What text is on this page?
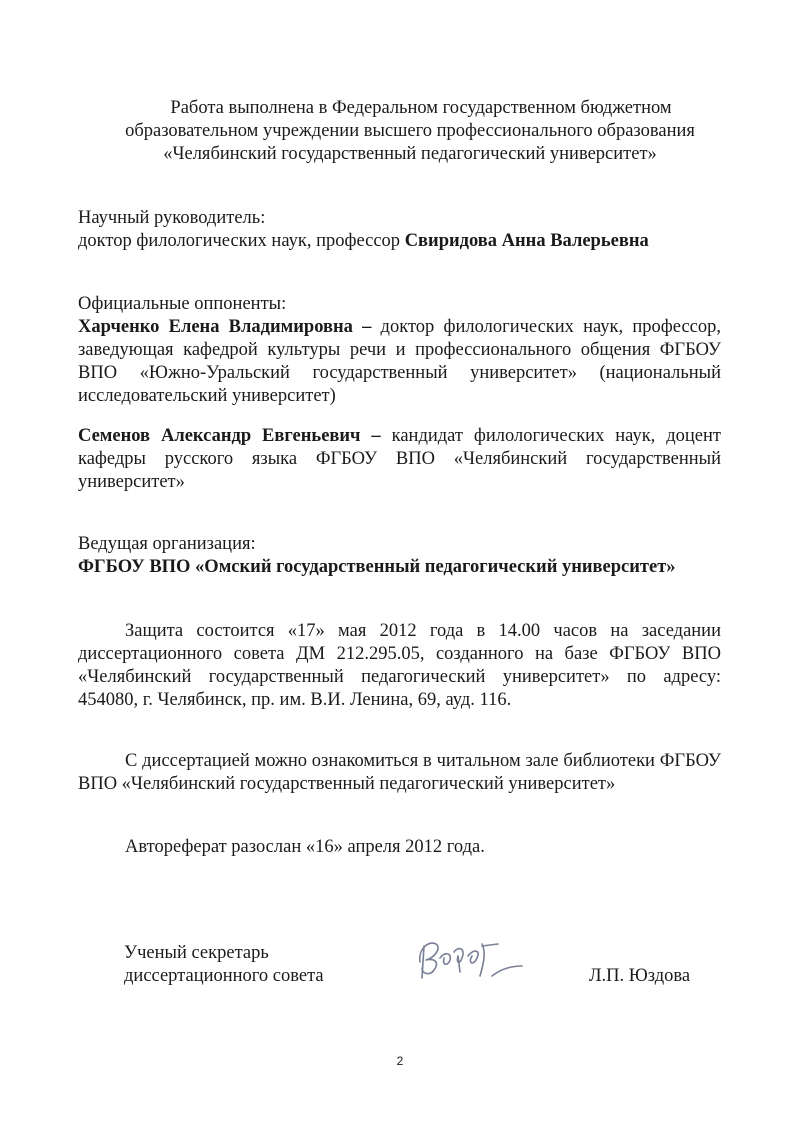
Работа выполнена в Федеральном государственном бюджетном
образовательном учреждении высшего профессионального образования
«Челябинский государственный педагогический университет»
Научный руководитель:
доктор филологических наук, профессор Свиридова Анна Валерьевна
Официальные оппоненты:
Харченко Елена Владимировна – доктор филологических наук, профессор, заведующая кафедрой культуры речи и профессионального общения ФГБОУ ВПО «Южно-Уральский государственный университет» (национальный исследовательский университет)
Семенов Александр Евгеньевич – кандидат филологических наук, доцент кафедры русского языка ФГБОУ ВПО «Челябинский государственный университет»
Ведущая организация:
ФГБОУ ВПО «Омский государственный педагогический университет»
Защита состоится «17» мая 2012 года в 14.00 часов на заседании диссертационного совета ДМ 212.295.05, созданного на базе ФГБОУ ВПО «Челябинский государственный педагогический университет» по адресу: 454080, г. Челябинск, пр. им. В.И. Ленина, 69, ауд. 116.
С диссертацией можно ознакомиться в читальном зале библиотеки ФГБОУ ВПО «Челябинский государственный педагогический университет»
Автореферат разослан «16» апреля 2012 года.
Ученый секретарь
диссертационного совета	Л.П. Юздова
2
